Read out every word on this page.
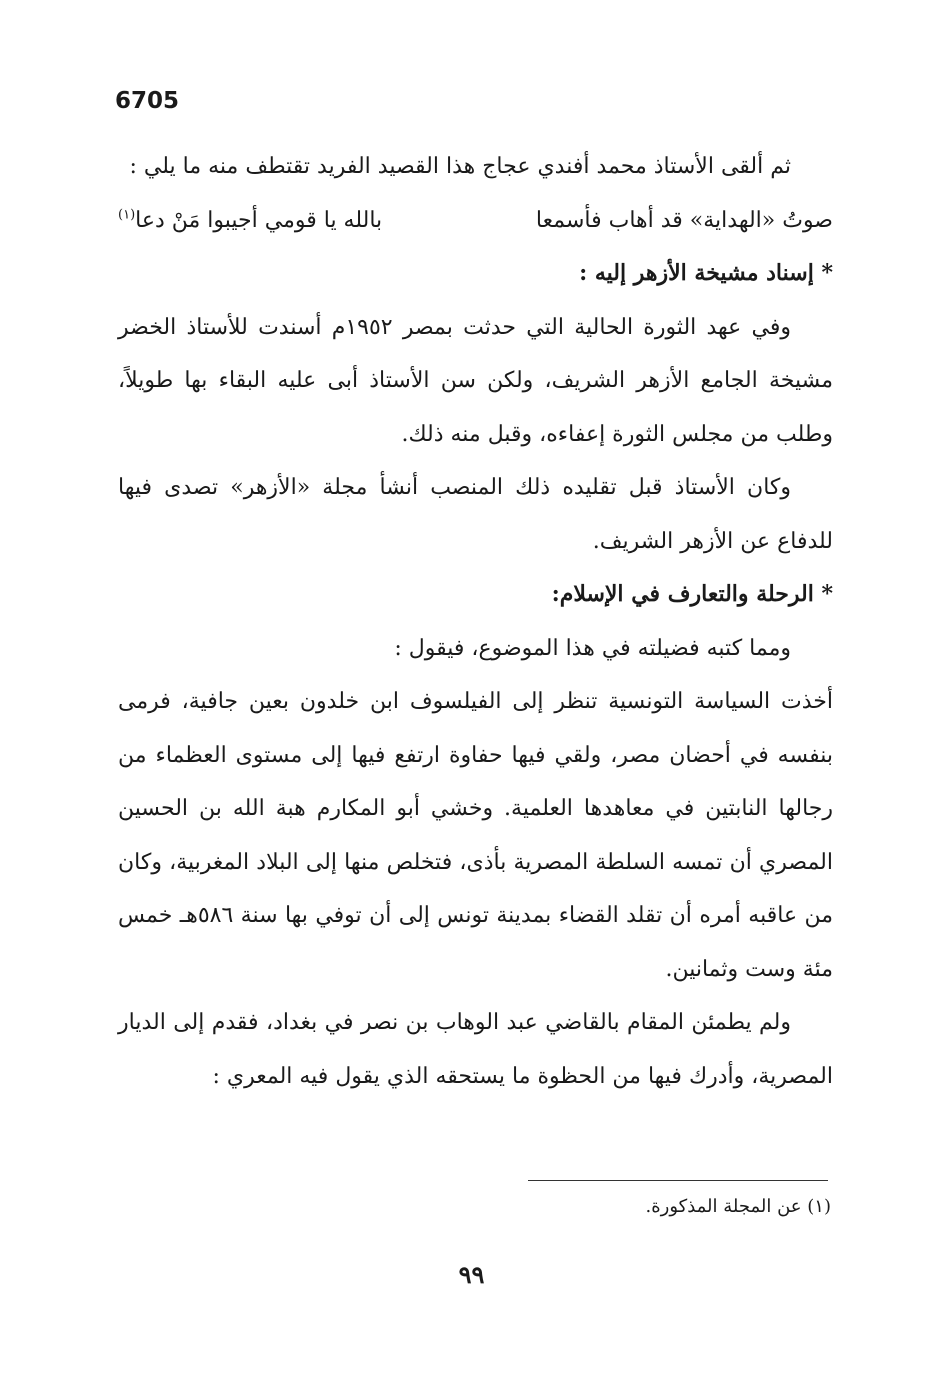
6705

ثم ألقى الأستاذ محمد أفندي عجاج هذا القصيد الفريد تقتطف منه ما يلي :

صوتُ «الهداية» قد أهاب فأسمعا
بالله يا قومي أجيبوا مَنْ دعا$^{(١)}$
* إسناد مشيخة الأزهر إليه :

وفي عهد الثورة الحالية التي حدثت بمصر ١٩٥٢م أسندت للأستاذ الخضر مشيخة الجامع الأزهر الشريف، ولكن سن الأستاذ أبى عليه البقاء بها طويلاً، وطلب من مجلس الثورة إعفاءه، وقبل منه ذلك.

وكان الأستاذ قبل تقليده ذلك المنصب أنشأ مجلة «الأزهر» تصدى فيها للدفاع عن الأزهر الشريف.

* الرحلة والتعارف في الإسلام:

ومما كتبه فضيلته في هذا الموضوع، فيقول :

أخذت السياسة التونسية تنظر إلى الفيلسوف ابن خلدون بعين جافية، فرمى بنفسه في أحضان مصر، ولقي فيها حفاوة ارتفع فيها إلى مستوى العظماء من رجالها النابتين في معاهدها العلمية. وخشي أبو المكارم هبة الله بن الحسين المصري أن تمسه السلطة المصرية بأذى، فتخلص منها إلى البلاد المغربية، وكان من عاقبه أمره أن تقلد القضاء بمدينة تونس إلى أن توفي بها سنة ٥٨٦هـ خمس مئة وست وثمانين.

ولم يطمئن المقام بالقاضي عبد الوهاب بن نصر في بغداد، فقدم إلى الديار المصرية، وأدرك فيها من الحظوة ما يستحقه الذي يقول فيه المعري :

(١) عن المجلة المذكورة.
٩٩
